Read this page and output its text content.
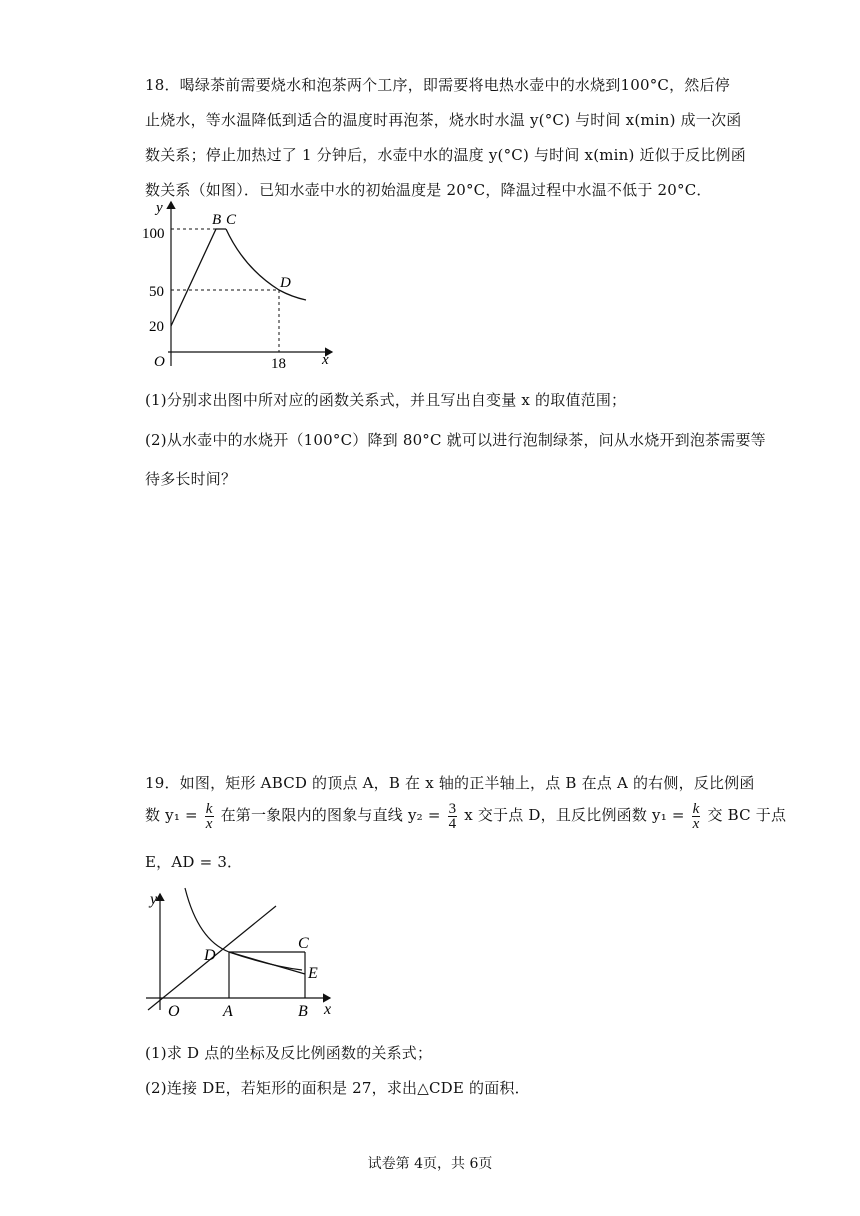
18．喝绿茶前需要烧水和泡茶两个工序，即需要将电热水壶中的水烧到100°C，然后停
止烧水，等水温降低到适合的温度时再泡茶，烧水时水温 y(°C) 与时间 x(min) 成一次函
数关系；停止加热过了 1 分钟后，水壶中水的温度 y(°C) 与时间 x(min) 近似于反比例函
数关系（如图）．已知水壶中水的初始温度是 20°C，降温过程中水温不低于 20°C．
y
x
O
100
50
20
18
B C
D
(1)分别求出图中所对应的函数关系式，并且写出自变量 x 的取值范围；
(2)从水壶中的水烧开（100°C）降到 80°C 就可以进行泡制绿茶，问从水烧开到泡茶需要等
待多长时间？
19．如图，矩形 ABCD 的顶点 A，B 在 x 轴的正半轴上，点 B 在点 A 的右侧，反比例函
数 $y_1 = \frac{k}{x}$ 在第一象限内的图象与直线 $y_2 = \frac{3}{4}$ x 交于点 D，且反比例函数 $y_1 = \frac{k}{x}$ 交 BC 于点
E，AD = 3．
y
x
O	A	B
C
D
E
(1)求 D 点的坐标及反比例函数的关系式；
(2)连接 DE，若矩形的面积是 27，求出△CDE 的面积．
试卷第 4页，共 6页
